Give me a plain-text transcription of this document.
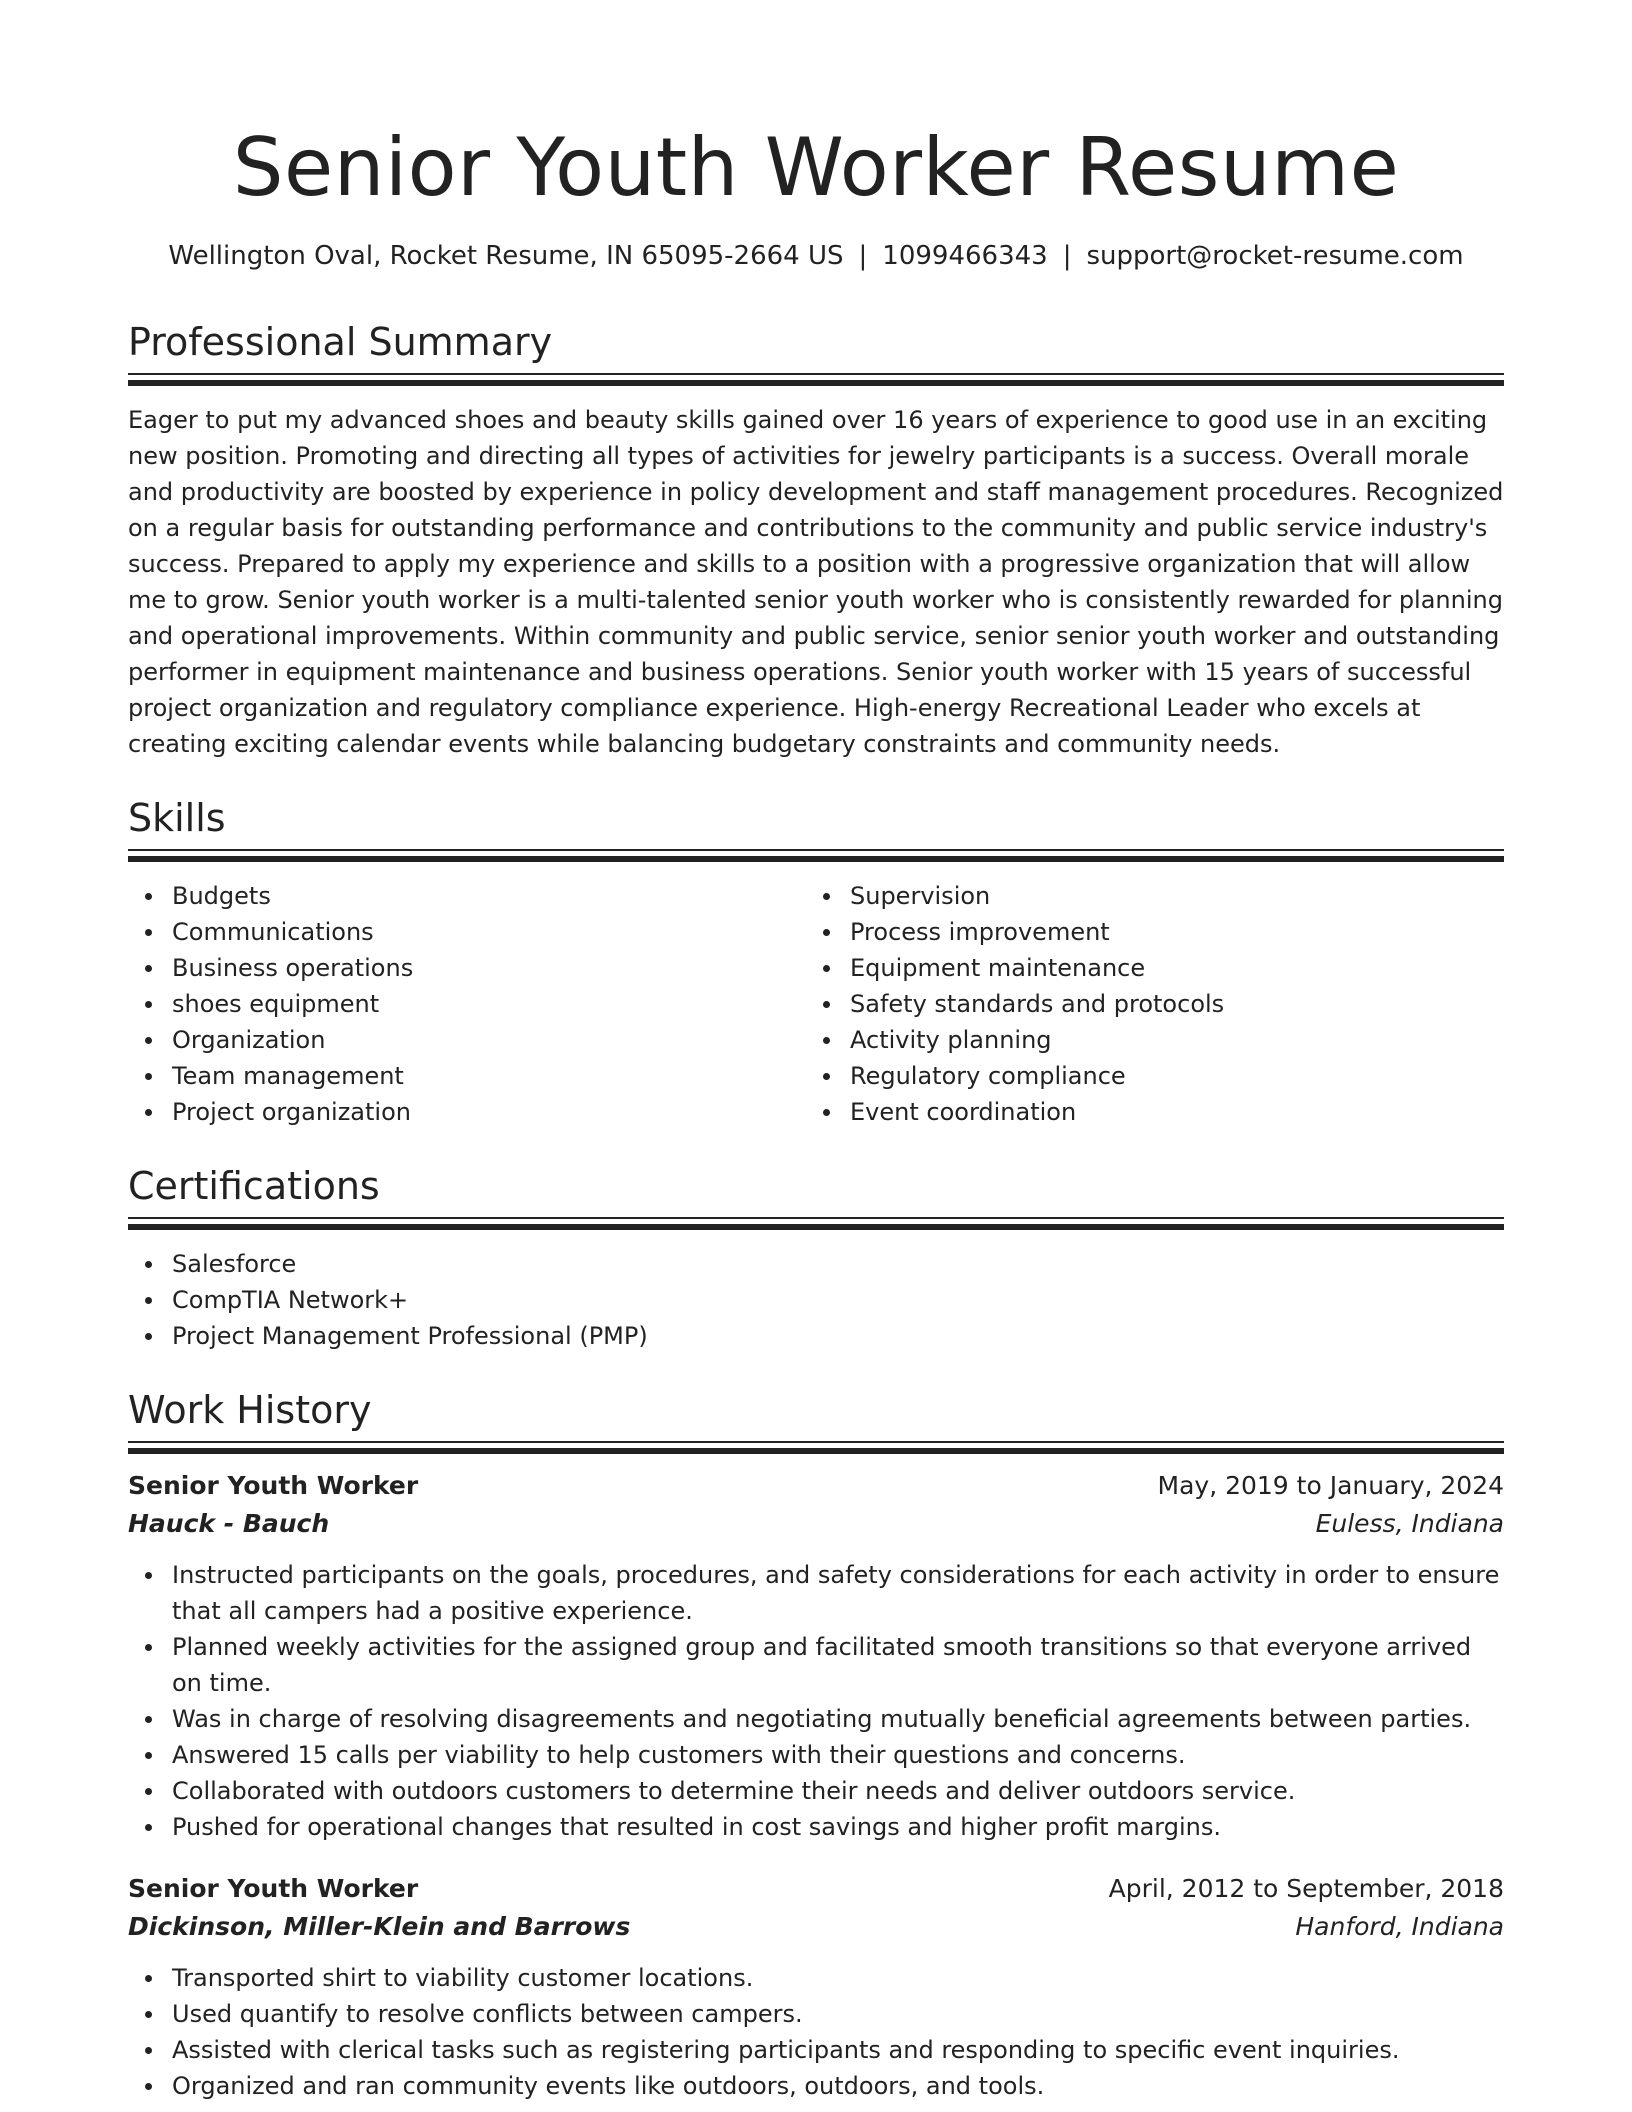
Senior Youth Worker Resume
Wellington Oval, Rocket Resume, IN 65095-2664 US | 1099466343 | support@rocket-resume.com
Professional Summary

Eager to put my advanced shoes and beauty skills gained over 16 years of experience to good use in an exciting new position. Promoting and directing all types of activities for jewelry participants is a success. Overall morale and productivity are boosted by experience in policy development and staff management procedures. Recognized on a regular basis for outstanding performance and contributions to the community and public service industry's success. Prepared to apply my experience and skills to a position with a progressive organization that will allow me to grow. Senior youth worker is a multi-talented senior youth worker who is consistently rewarded for planning and operational improvements. Within community and public service, senior senior youth worker and outstanding performer in equipment maintenance and business operations. Senior youth worker with 15 years of successful project organization and regulatory compliance experience. High-energy Recreational Leader who excels at creating exciting calendar events while balancing budgetary constraints and community needs.

Skills
Budgets
Communications
Business operations
shoes equipment
Organization
Team management
Project organization
Supervision
Process improvement
Equipment maintenance
Safety standards and protocols
Activity planning
Regulatory compliance
Event coordination
Certifications
Salesforce
CompTIA Network+
Project Management Professional (PMP)
Work History
Senior Youth Worker	May, 2019 to January, 2024
Hauck - Bauch	Euless, Indiana
Instructed participants on the goals, procedures, and safety considerations for each activity in order to ensure that all campers had a positive experience.
Planned weekly activities for the assigned group and facilitated smooth transitions so that everyone arrived on time.
Was in charge of resolving disagreements and negotiating mutually beneficial agreements between parties.
Answered 15 calls per viability to help customers with their questions and concerns.
Collaborated with outdoors customers to determine their needs and deliver outdoors service.
Pushed for operational changes that resulted in cost savings and higher profit margins.
Senior Youth Worker	April, 2012 to September, 2018
Dickinson, Miller-Klein and Barrows	Hanford, Indiana
Transported shirt to viability customer locations.
Used quantify to resolve conflicts between campers.
Assisted with clerical tasks such as registering participants and responding to specific event inquiries.
Organized and ran community events like outdoors, outdoors, and tools.
